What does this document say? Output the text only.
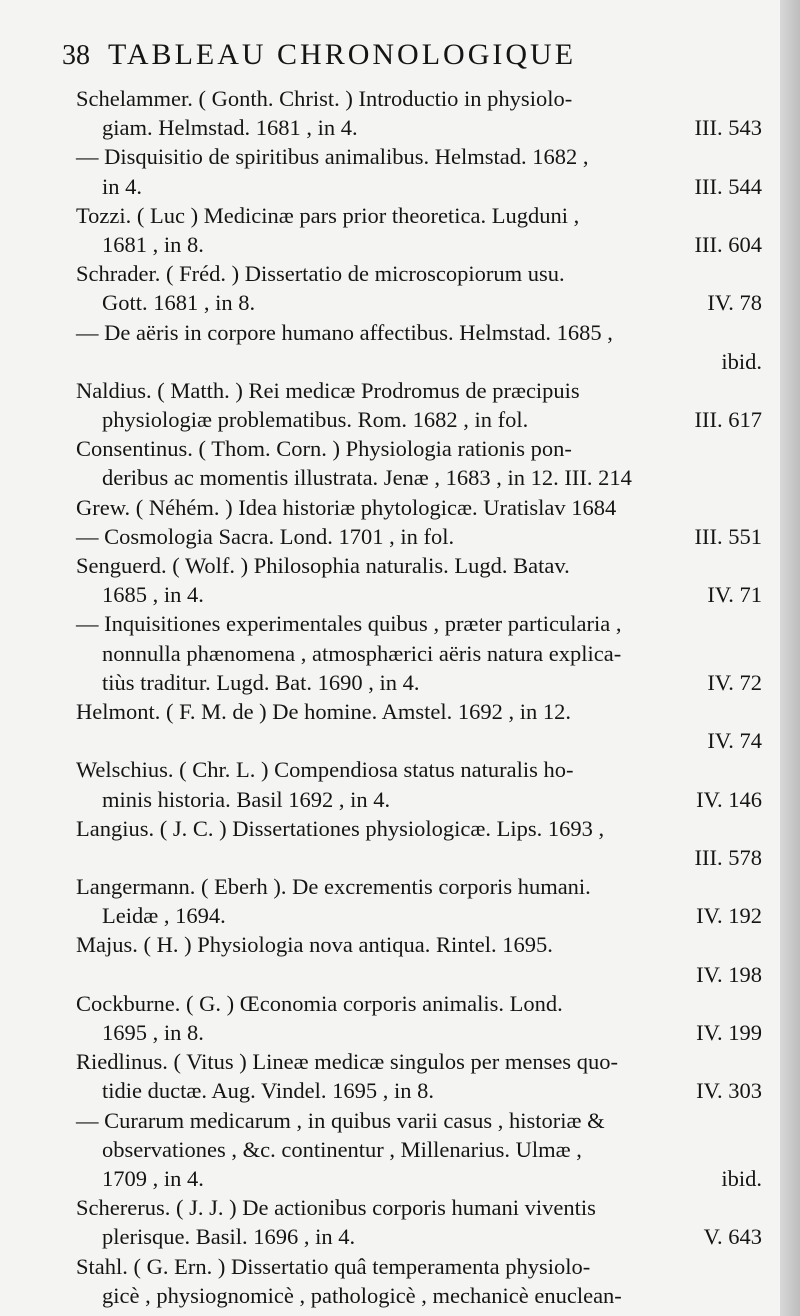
38 TABLEAU CHRONOLOGIQUE
Schelammer. ( Gonth. Christ. ) Introductio in physiolo-
giam. Helmstad. 1681 , in 4.	III. 543
— Disquisitio de spiritibus animalibus. Helmstad. 1682 ,
in 4.	III. 544
Tozzi. ( Luc ) Medicinæ pars prior theoretica. Lugduni ,
1681 , in 8.	III. 604
Schrader. ( Fréd. ) Dissertatio de microscopiorum usu.
Gott. 1681 , in 8.	IV. 78
— De aëris in corpore humano affectibus. Helmstad. 1685 ,
ibid.
Naldius. ( Matth. ) Rei medicæ Prodromus de præcipuis
physiologiæ problematibus. Rom. 1682 , in fol.	III. 617
Consentinus. ( Thom. Corn. ) Physiologia rationis pon-
deribus ac momentis illustrata. Jenæ , 1683 , in 12. III. 214
Grew. ( Néhém. ) Idea historiæ phytologicæ. Uratislav 1684
— Cosmologia Sacra. Lond. 1701 , in fol.	III. 551
Senguerd. ( Wolf. ) Philosophia naturalis. Lugd. Batav.
1685 , in 4.	IV. 71
— Inquisitiones experimentales quibus , præter particularia ,
nonnulla phænomena , atmosphærici aëris natura explica-
tiùs traditur. Lugd. Bat. 1690 , in 4.	IV. 72
Helmont. ( F. M. de ) De homine. Amstel. 1692 , in 12.
IV. 74
Welschius. ( Chr. L. ) Compendiosa status naturalis ho-
minis historia. Basil 1692 , in 4.	IV. 146
Langius. ( J. C. ) Dissertationes physiologicæ. Lips. 1693 ,
III. 578
Langermann. ( Eberh ). De excrementis corporis humani.
Leidæ , 1694.	IV. 192
Majus. ( H. ) Physiologia nova antiqua. Rintel. 1695.
IV. 198
Cockburne. ( G. ) Œconomia corporis animalis. Lond.
1695 , in 8.	IV. 199
Riedlinus. ( Vitus ) Lineæ medicæ singulos per menses quo-
tidie ductæ. Aug. Vindel. 1695 , in 8.	IV. 303
— Curarum medicarum , in quibus varii casus , historiæ &
observationes , &c. continentur , Millenarius. Ulmæ ,
1709 , in 4.	ibid.
Schererus. ( J. J. ) De actionibus corporis humani viventis
plerisque. Basil. 1696 , in 4.	V. 643
Stahl. ( G. Ern. ) Dissertatio quâ temperamenta physiolo-
gicè , physiognomicè , pathologicè , mechanicè enuclean-
